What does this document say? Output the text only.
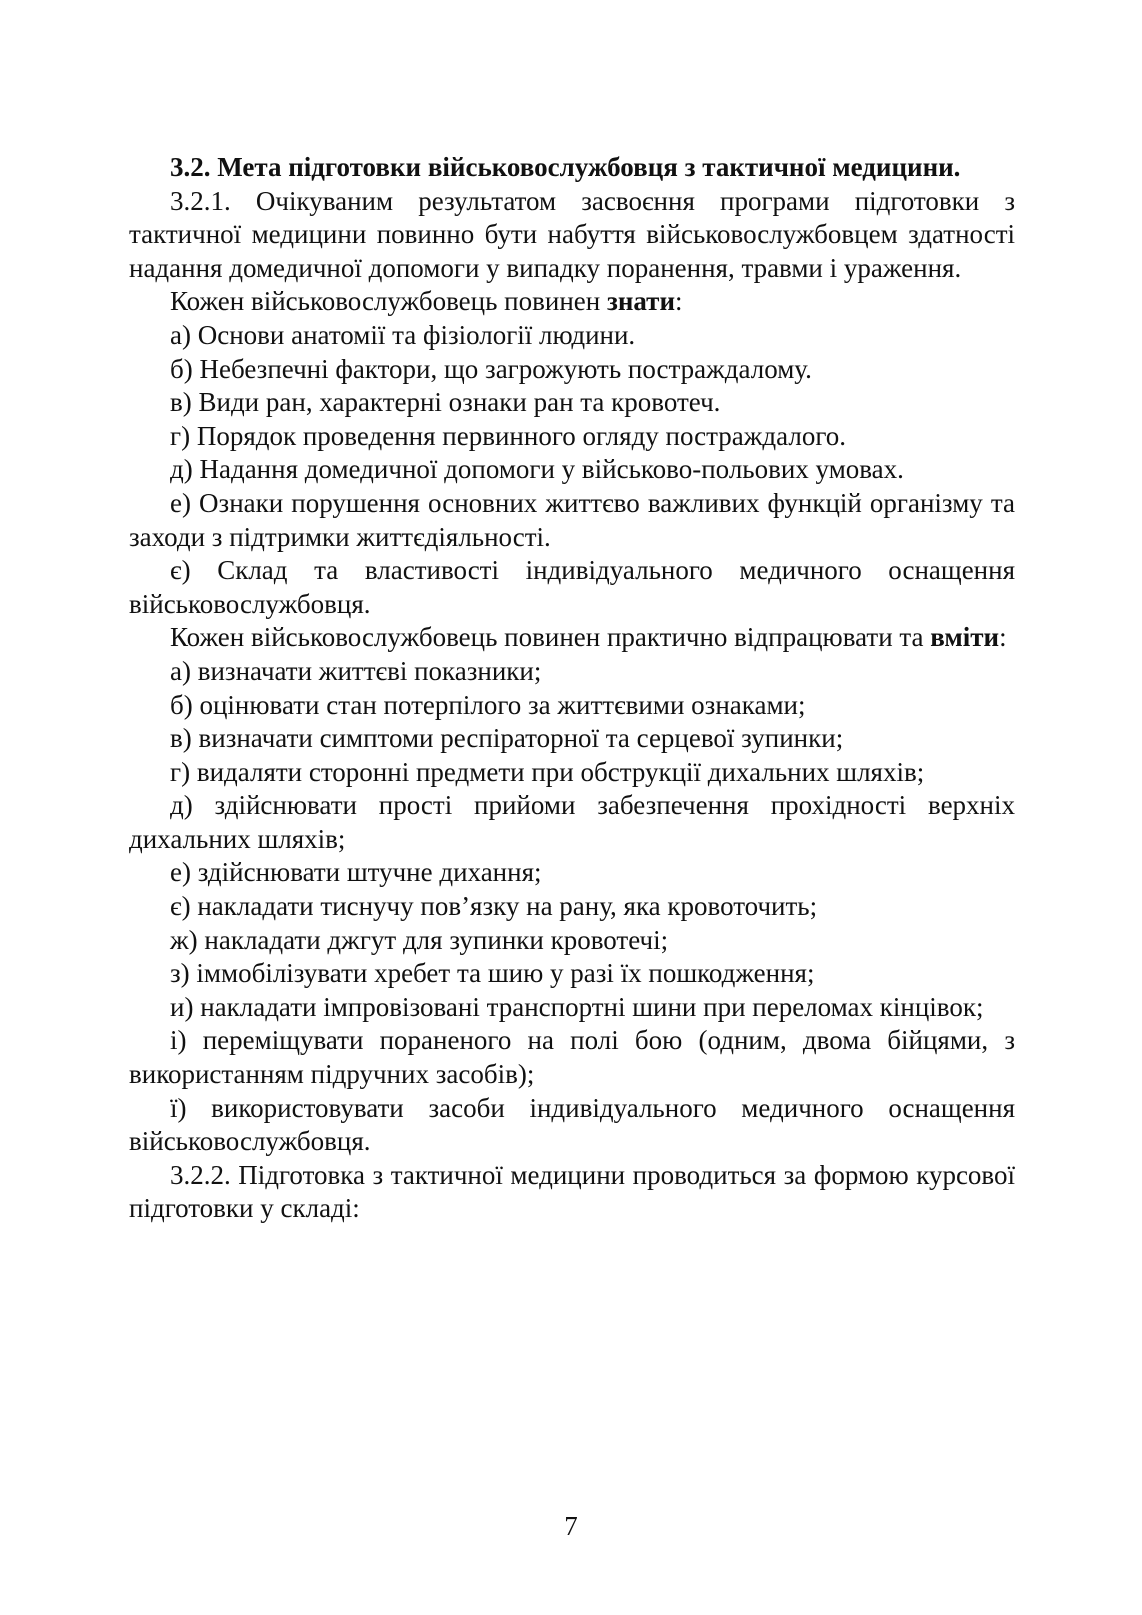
3.2. Мета підготовки військовослужбовця з тактичної медицини.

3.2.1. Очікуваним результатом засвоєння програми підготовки з тактичної медицини повинно бути набуття військовослужбовцем здатності надання домедичної допомоги у випадку поранення, травми і ураження.

Кожен військовослужбовець повинен знати:

а) Основи анатомії та фізіології людини.

б) Небезпечні фактори, що загрожують постраждалому.

в) Види ран, характерні ознаки ран та кровотеч.

г) Порядок проведення первинного огляду постраждалого.

д) Надання домедичної допомоги у військово-польових умовах.

е) Ознаки порушення основних життєво важливих функцій організму та заходи з підтримки життєдіяльності.

є) Склад та властивості індивідуального медичного оснащення військовослужбовця.

Кожен військовослужбовець повинен практично відпрацювати та вміти:

а) визначати життєві показники;

б) оцінювати стан потерпілого за життєвими ознаками;

в) визначати симптоми респіраторної та серцевої зупинки;

г) видаляти сторонні предмети при обструкції дихальних шляхів;

д) здійснювати прості прийоми забезпечення прохідності верхніх дихальних шляхів;

е) здійснювати штучне дихання;

є) накладати тиснучу пов’язку на рану, яка кровоточить;

ж) накладати джгут для зупинки кровотечі;

з) іммобілізувати хребет та шию у разі їх пошкодження;

и) накладати імпровізовані транспортні шини при переломах кінцівок;

і) переміщувати пораненого на полі бою (одним, двома бійцями, з використанням підручних засобів);

ї) використовувати засоби індивідуального медичного оснащення військовослужбовця.

3.2.2. Підготовка з тактичної медицини проводиться за формою курсової підготовки у складі:

7
